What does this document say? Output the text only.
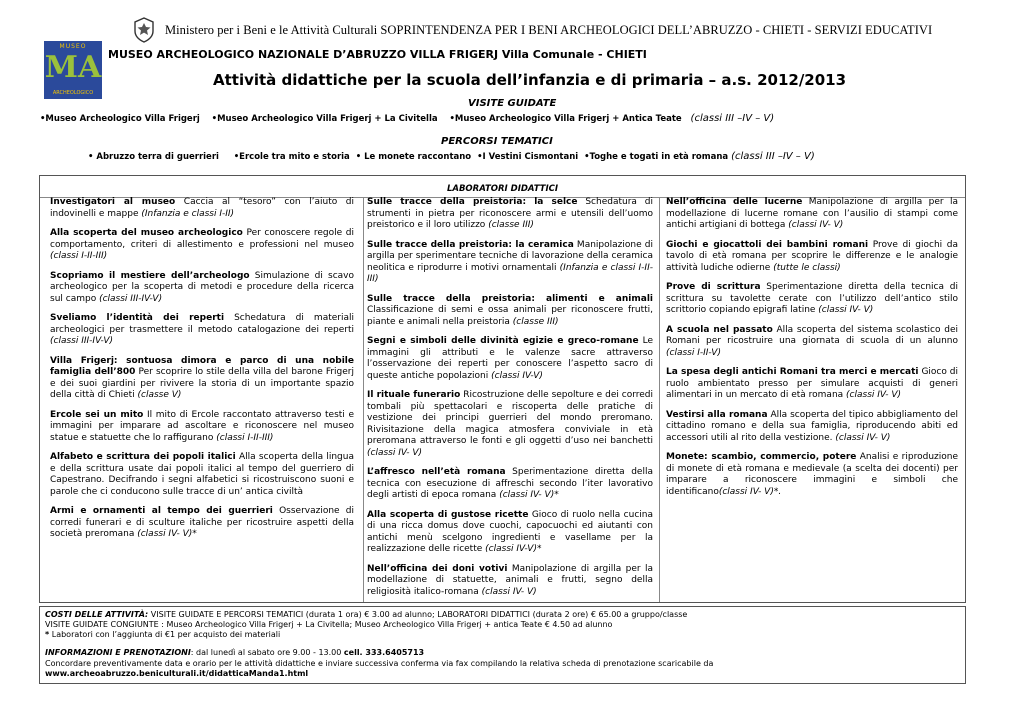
Ministero per i Beni e le Attività Culturali SOPRINTENDENZA PER I BENI ARCHEOLOGICI DELL’ABRUZZO - CHIETI - SERVIZI EDUCATIVI
MUSEO
MA
ARCHEOLOGICO
MUSEO ARCHEOLOGICO NAZIONALE D’ABRUZZO VILLA FRIGERJ Villa Comunale - CHIETI
Attività didattiche per la scuola dell’infanzia e di primaria – a.s. 2012/2013
VISITE GUIDATE
•Museo Archeologico Villa Frigerj •Museo Archeologico Villa Frigerj + La Civitella •Museo Archeologico Villa Frigerj + Antica Teate (classi III –IV – V)
PERCORSI TEMATICI
• Abruzzo terra di guerrieri •Ercole tra mito e storia • Le monete raccontano •I Vestini Cismontani •Toghe e togati in età romana (classi III –IV – V)
LABORATORI DIDATTICI

Investigatori al museo Caccia al “tesoro” con l’aiuto di indovinelli e mappe (Infanzia e classi I-II)

Alla scoperta del museo archeologico Per conoscere regole di comportamento, criteri di allestimento e professioni nel museo (classi I-II-III)

Scopriamo il mestiere dell’archeologo Simulazione di scavo archeologico per la scoperta di metodi e procedure della ricerca sul campo (classi III-IV-V)

Sveliamo l’identità dei reperti Schedatura di materiali archeologici per trasmettere il metodo catalogazione dei reperti (classi III-IV-V)

Villa Frigerj: sontuosa dimora e parco di una nobile famiglia dell’800 Per scoprire lo stile della villa del barone Frigerj e dei suoi giardini per rivivere la storia di un importante spazio della città di Chieti (classe V)

Ercole sei un mito Il mito di Ercole raccontato attraverso testi e immagini per imparare ad ascoltare e riconoscere nel museo statue e statuette che lo raffigurano (classi I-II-III)

Alfabeto e scrittura dei popoli italici Alla scoperta della lingua e della scrittura usate dai popoli italici al tempo del guerriero di Capestrano. Decifrando i segni alfabetici si ricostruiscono suoni e parole che ci conducono sulle tracce di un’ antica civiltà

Armi e ornamenti al tempo dei guerrieri Osservazione di corredi funerari e di sculture italiche per ricostruire aspetti della società preromana (classi IV- V)*

Sulle tracce della preistoria: la selce Schedatura di strumenti in pietra per riconoscere armi e utensili dell’uomo preistorico e il loro utilizzo (classe III)

Sulle tracce della preistoria: la ceramica Manipolazione di argilla per sperimentare tecniche di lavorazione della ceramica neolitica e riprodurre i motivi ornamentali (Infanzia e classi I-II- III)

Sulle tracce della preistoria: alimenti e animali Classificazione di semi e ossa animali per riconoscere frutti, piante e animali nella preistoria (classe III)

Segni e simboli delle divinità egizie e greco-romane Le immagini gli attributi e le valenze sacre attraverso l’osservazione dei reperti per conoscere l’aspetto sacro di queste antiche popolazioni (classi IV-V)

Il rituale funerario Ricostruzione delle sepolture e dei corredi tombali più spettacolari e riscoperta delle pratiche di vestizione dei principi guerrieri del mondo preromano. Rivisitazione della magica atmosfera conviviale in età preromana attraverso le fonti e gli oggetti d’uso nei banchetti (classi IV- V)

L’affresco nell’età romana Sperimentazione diretta della tecnica con esecuzione di affreschi secondo l’iter lavorativo degli artisti di epoca romana (classi IV- V)*

Alla scoperta di gustose ricette Gioco di ruolo nella cucina di una ricca domus dove cuochi, capocuochi ed aiutanti con antichi menù scelgono ingredienti e vasellame per la realizzazione delle ricette (classi IV-V)*

Nell’officina dei doni votivi Manipolazione di argilla per la modellazione di statuette, animali e frutti, segno della religiosità italico-romana (classi IV- V)

Nell’officina delle lucerne Manipolazione di argilla per la modellazione di lucerne romane con l’ausilio di stampi come antichi artigiani di bottega (classi IV- V)

Giochi e giocattoli dei bambini romani Prove di giochi da tavolo di età romana per scoprire le differenze e le analogie attività ludiche odierne (tutte le classi)

Prove di scrittura Sperimentazione diretta della tecnica di scrittura su tavolette cerate con l’utilizzo dell’antico stilo scrittorio copiando epigrafi latine (classi IV- V)

A scuola nel passato Alla scoperta del sistema scolastico dei Romani per ricostruire una giornata di scuola di un alunno (classi I-II-V)

La spesa degli antichi Romani tra merci e mercati Gioco di ruolo ambientato presso per simulare acquisti di generi alimentari in un mercato di età romana (classi IV- V)

Vestirsi alla romana Alla scoperta del tipico abbigliamento del cittadino romano e della sua famiglia, riproducendo abiti ed accessori utili al rito della vestizione. (classi IV- V)

Monete: scambio, commercio, potere Analisi e riproduzione di monete di età romana e medievale (a scelta dei docenti) per imparare a riconoscere immagini e simboli che identificano(classi IV- V)*.

COSTI DELLE ATTIVITÀ: VISITE GUIDATE E PERCORSI TEMATICI (durata 1 ora) € 3.00 ad alunno; LABORATORI DIDATTICI (durata 2 ore) € 65.00 a gruppo/classe
VISITE GUIDATE CONGIUNTE : Museo Archeologico Villa Frigerj + La Civitella; Museo Archeologico Villa Frigerj + antica Teate € 4.50 ad alunno
* Laboratori con l’aggiunta di €1 per acquisto dei materiali
INFORMAZIONI E PRENOTAZIONI: dal lunedì al sabato ore 9.00 - 13.00 cell. 333.6405713
Concordare preventivamente data e orario per le attività didattiche e inviare successiva conferma via fax compilando la relativa scheda di prenotazione scaricabile da
www.archeoabruzzo.beniculturali.it/didatticaManda1.html
